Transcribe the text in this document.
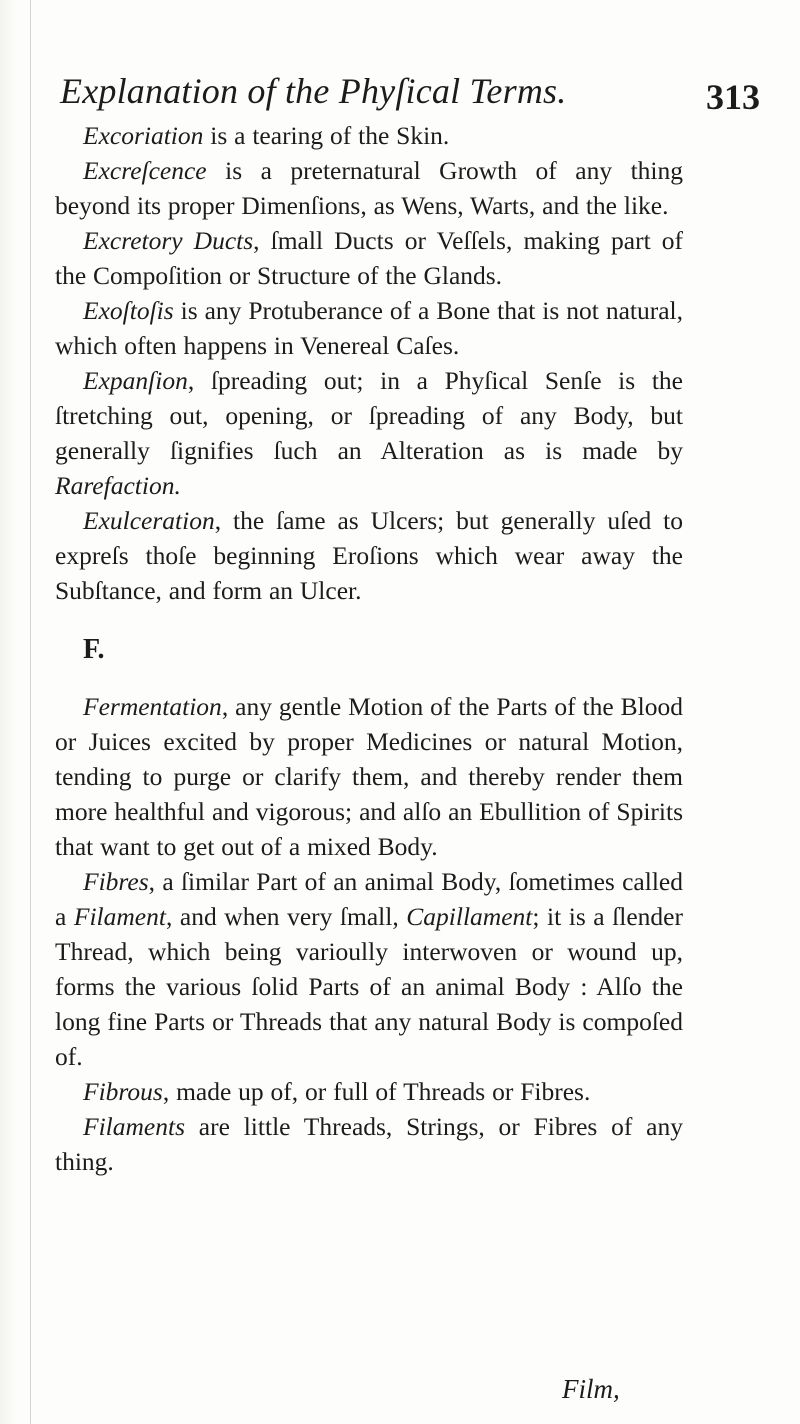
Explanation of the Phyſical Terms.	313

Excoriation is a tearing of the Skin.

Excreſcence is a preternatural Growth of any thing beyond its proper Dimenſions, as Wens, Warts, and the like.

Excretory Ducts, ſmall Ducts or Veſſels, making part of the Compoſition or Structure of the Glands.

Exoſtoſis is any Protuberance of a Bone that is not natural, which often happens in Venereal Caſes.

Expanſion, ſpreading out; in a Phyſical Senſe is the ſtretching out, opening, or ſpreading of any Body, but generally ſignifies ſuch an Alteration as is made by Rarefaction.

Exulceration, the ſame as Ulcers; but generally uſed to expreſs thoſe beginning Eroſions which wear away the Subſtance, and form an Ulcer.

F.

Fermentation, any gentle Motion of the Parts of the Blood or Juices excited by proper Medicines or natural Motion, tending to purge or clarify them, and thereby render them more healthful and vigorous; and alſo an Ebullition of Spirits that want to get out of a mixed Body.

Fibres, a ſimilar Part of an animal Body, ſometimes called a Filament, and when very ſmall, Capillament; it is a ſlender Thread, which being varioully interwoven or wound up, forms the various ſolid Parts of an animal Body : Alſo the long fine Parts or Threads that any natural Body is compoſed of.

Fibrous, made up of, or full of Threads or Fibres.

Filaments are little Threads, Strings, or Fibres of any thing.

Film,
